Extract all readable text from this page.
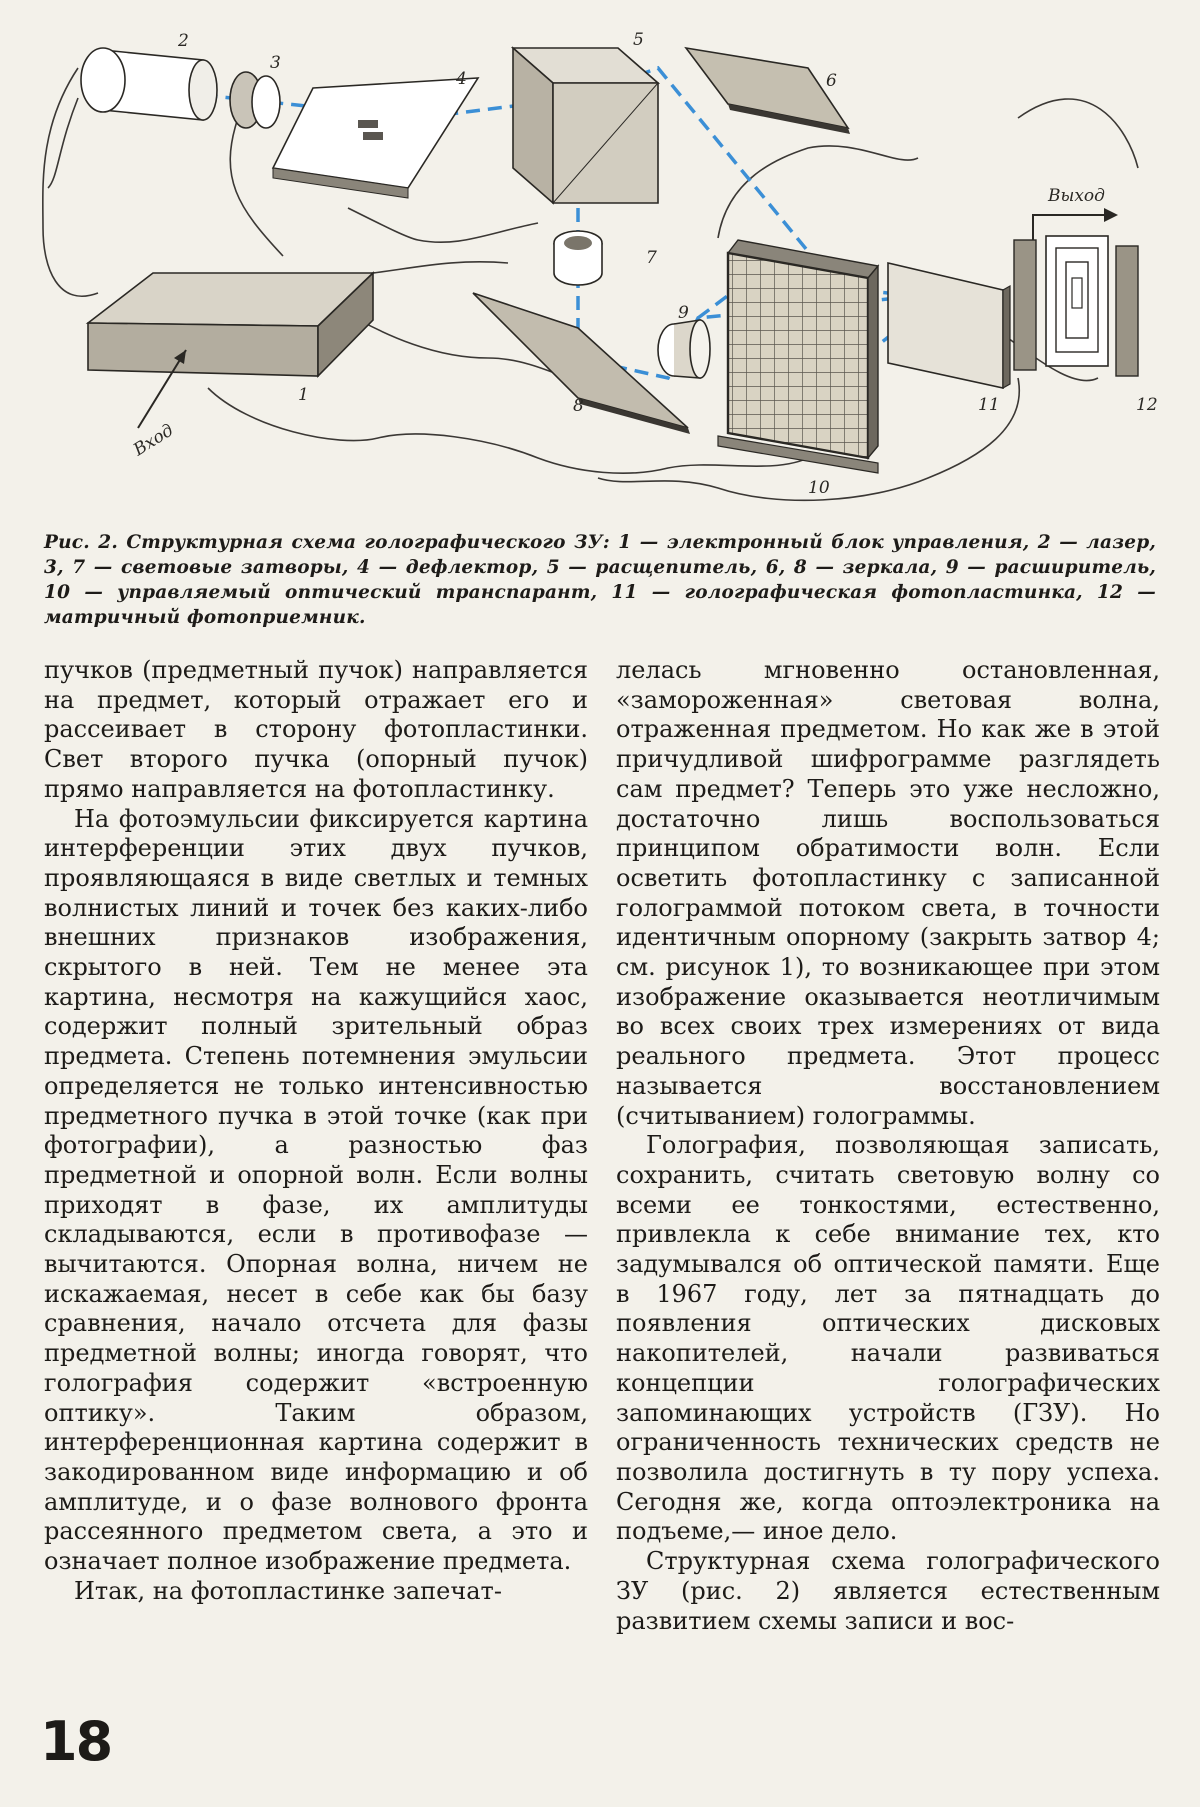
2
3
4
5
6
7
9
1
8
10
11	12
Вход
Выход
Рис. 2. Структурная схема голографического ЗУ: 1 — электронный блок управления, 2 — лазер, 3, 7 — световые затворы, 4 — дефлектор, 5 — расщепитель, 6, 8 — зеркала, 9 — расширитель, 10 — управляемый оптический транспарант, 11 — голографическая фотопластинка, 12 — матричный фотоприемник.

пучков (предметный пучок) направляется на предмет, который отражает его и рассеивает в сторону фотопластинки. Свет второго пучка (опорный пучок) прямо направляется на фотопластинку.

На фотоэмульсии фиксируется картина интерференции этих двух пучков, проявляющаяся в виде светлых и темных волнистых линий и точек без каких-либо внешних признаков изображения, скрытого в ней. Тем не менее эта картина, несмотря на кажущийся хаос, содержит полный зрительный образ предмета. Степень потемнения эмульсии определяется не только интенсивностью предметного пучка в этой точке (как при фотографии), а разностью фаз предметной и опорной волн. Если волны приходят в фазе, их амплитуды складываются, если в противофазе — вычитаются. Опорная волна, ничем не искажаемая, несет в себе как бы базу сравнения, начало отсчета для фазы предметной волны; иногда говорят, что голография содержит «встроенную оптику». Таким образом, интерференционная картина содержит в закодированном виде информацию и об амплитуде, и о фазе волнового фронта рассеянного предметом света, а это и означает полное изображение предмета.

Итак, на фотопластинке запечат-

лелась мгновенно остановленная, «замороженная» световая волна, отраженная предметом. Но как же в этой причудливой шифрограмме разглядеть сам предмет? Теперь это уже несложно, достаточно лишь воспользоваться принципом обратимости волн. Если осветить фотопластинку с записанной голограммой потоком света, в точности идентичным опорному (закрыть затвор 4; см. рисунок 1), то возникающее при этом изображение оказывается неотличимым во всех своих трех измерениях от вида реального предмета. Этот процесс называется восстановлением (считыванием) голограммы.

Голография, позволяющая записать, сохранить, считать световую волну со всеми ее тонкостями, естественно, привлекла к себе внимание тех, кто задумывался об оптической памяти. Еще в 1967 году, лет за пятнадцать до появления оптических дисковых накопителей, начали развиваться концепции голографических запоминающих устройств (ГЗУ). Но ограниченность технических средств не позволила достигнуть в ту пору успеха. Сегодня же, когда оптоэлектроника на подъеме,— иное дело.

Структурная схема голографического ЗУ (рис. 2) является естественным развитием схемы записи и вос-

18
